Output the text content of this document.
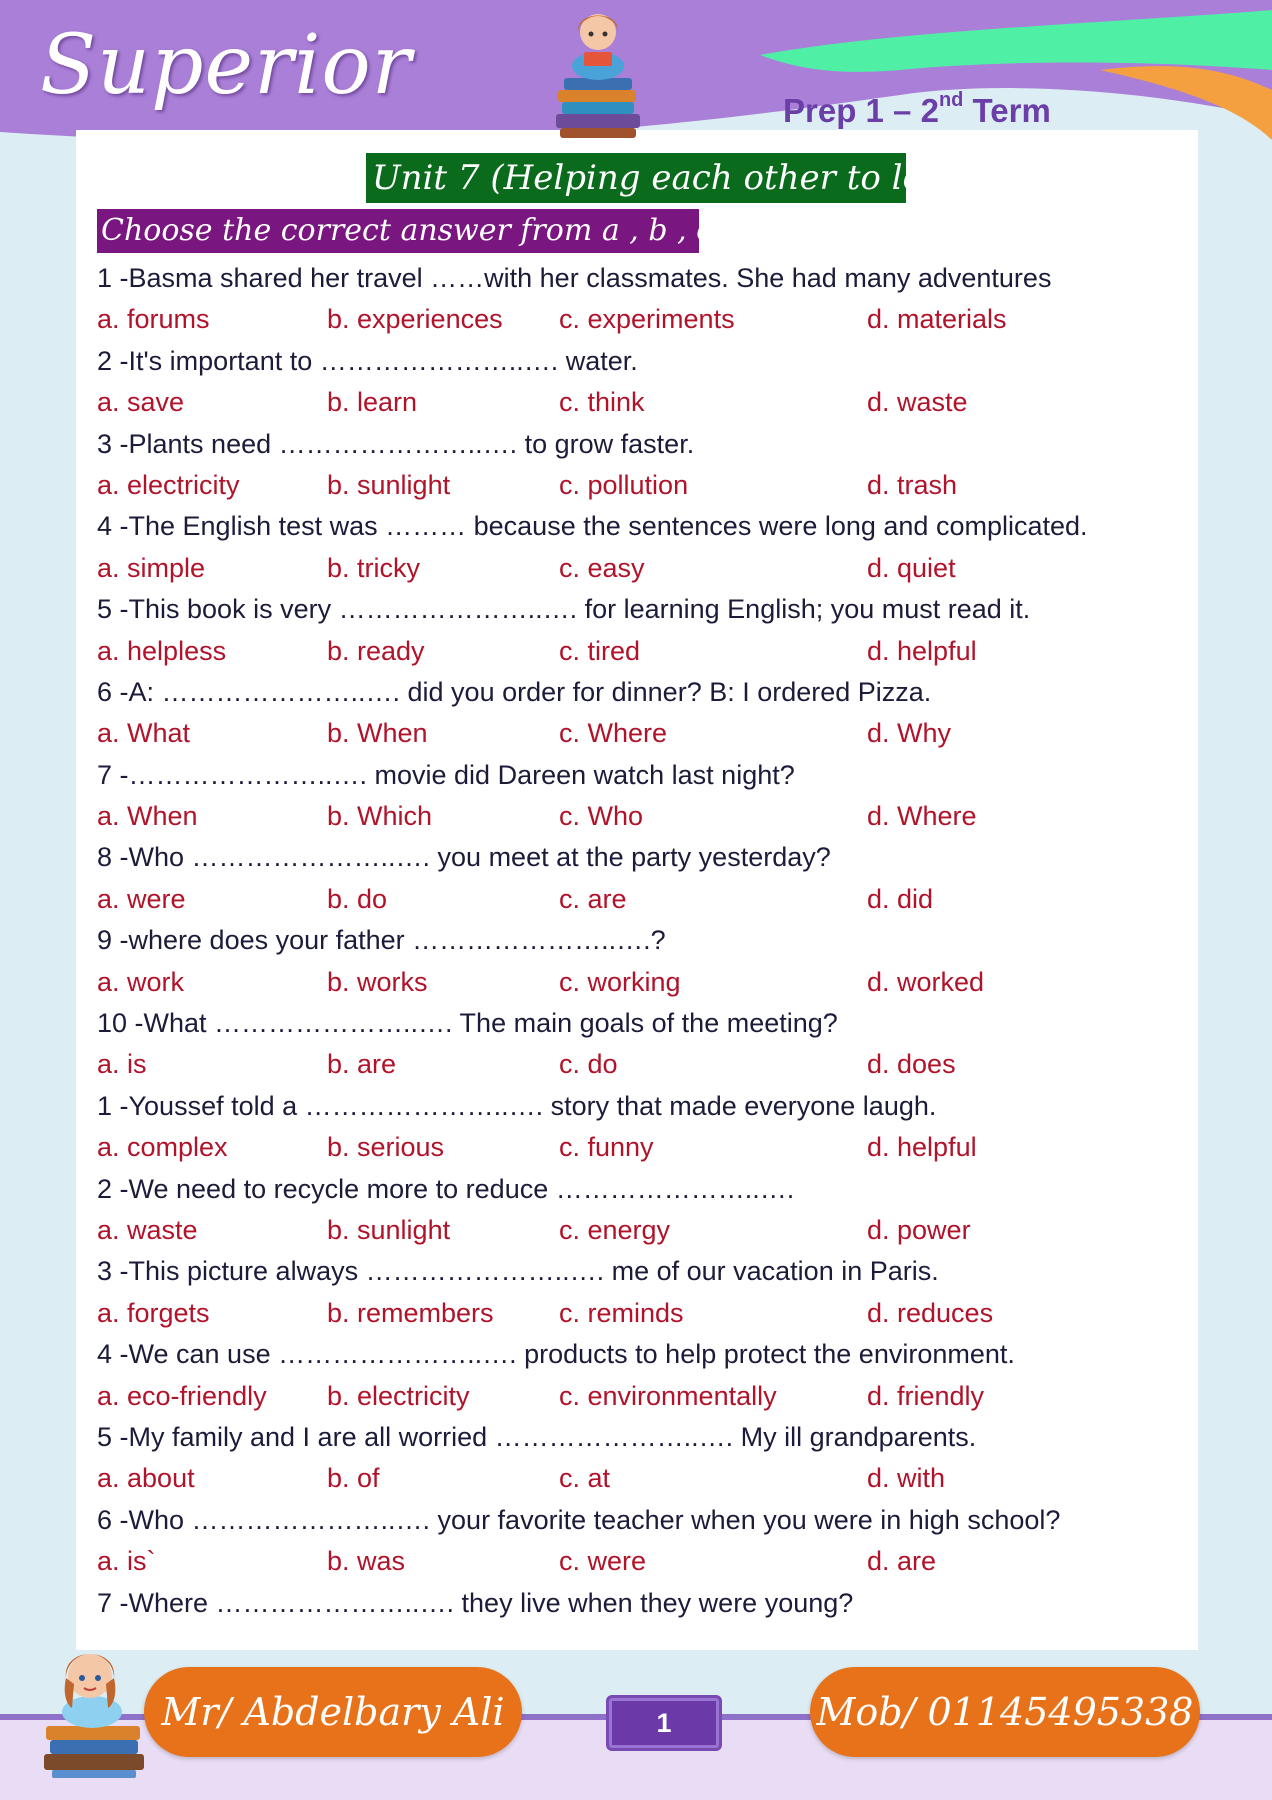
Superior	Prep 1 – 2nd Term
Unit 7 (Helping each other to learn)
Choose the correct answer from a , b , c , or d
1 -Basma shared her travel ……with her classmates. She had many adventures
a. forums	b. experiences c. experiments	d. materials
2 -It's important to …………………..…. water.
a. save	b. learn	c. think	d. waste
3 -Plants need …………………..…. to grow faster.
a. electricity	b. sunlight	c. pollution	d. trash
4 -The English test was ……… because the sentences were long and complicated.
a. simple	b. tricky	c. easy	d. quiet
5 -This book is very …………………..…. for learning English; you must read it.
a. helpless	b. ready	c. tired	d. helpful
6 -A: …………………..…. did you order for dinner? B: I ordered Pizza.
a. What	b. When	c. Where	d. Why
7 -…………………..…. movie did Dareen watch last night?
a. When	b. Which	c. Who	d. Where
8 -Who …………………..…. you meet at the party yesterday?
a. were	b. do	c. are	d. did
9 -where does your father …………………..….?
a. work	b. works	c. working	d. worked
10 -What …………………..…. The main goals of the meeting?
a. is	b. are	c. do	d. does
1 -Youssef told a …………………..…. story that made everyone laugh.
a. complex	b. serious	c. funny	d. helpful
2 -We need to recycle more to reduce …………………..….
a. waste	b. sunlight	c. energy	d. power
3 -This picture always …………………..…. me of our vacation in Paris.
a. forgets	b. remembers c. reminds	d. reduces
4 -We can use …………………..…. products to help protect the environment.
a. eco-friendly b. electricity	c. environmentally	d. friendly
5 -My family and I are all worried …………………..…. My ill grandparents.
a. about	b. of	c. at	d. with
6 -Who …………………..…. your favorite teacher when you were in high school?
a. is`	b. was	c. were	d. are
7 -Where …………………..…. they live when they were young?
Mr/ Abdelbary Ali	1	Mob/ 01145495338
